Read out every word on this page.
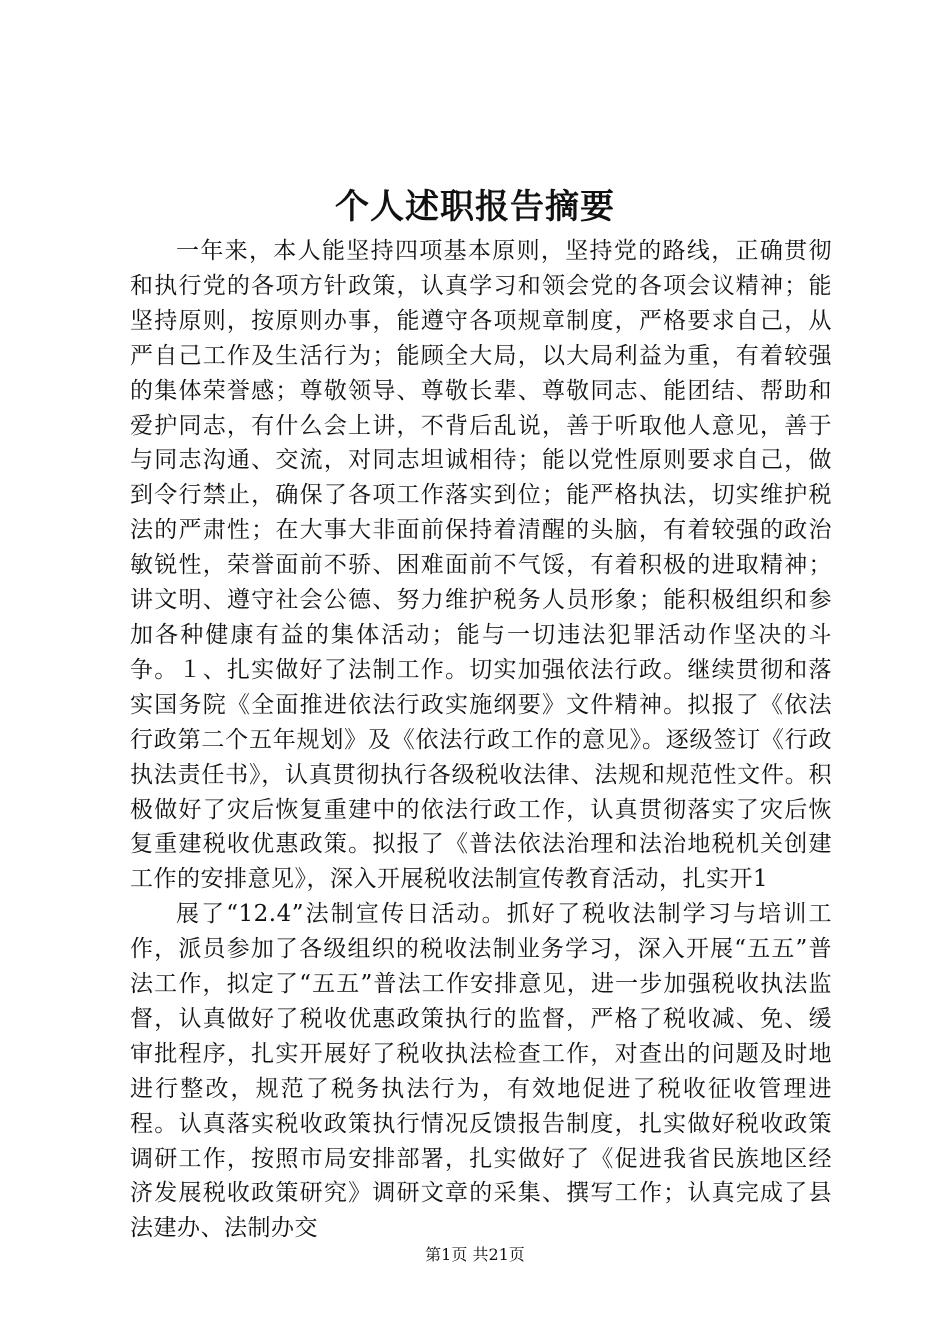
个人述职报告摘要

一年来，本人能坚持四项基本原则，坚持党的路线，正确贯彻和执行党的各项方针政策，认真学习和领会党的各项会议精神；能坚持原则，按原则办事，能遵守各项规章制度，严格要求自己，从严自己工作及生活行为；能顾全大局，以大局利益为重，有着较强的集体荣誉感；尊敬领导、尊敬长辈、尊敬同志、能团结、帮助和爱护同志，有什么会上讲，不背后乱说，善于听取他人意见，善于与同志沟通、交流，对同志坦诚相待；能以党性原则要求自己，做到令行禁止，确保了各项工作落实到位；能严格执法，切实维护税法的严肃性；在大事大非面前保持着清醒的头脑，有着较强的政治敏锐性，荣誉面前不骄、困难面前不气馁，有着积极的进取精神；讲文明、遵守社会公德、努力维护税务人员形象；能积极组织和参加各种健康有益的集体活动；能与一切违法犯罪活动作坚决的斗争。１、扎实做好了法制工作。切实加强依法行政。继续贯彻和落实国务院《全面推进依法行政实施纲要》文件精神。拟报了《依法行政第二个五年规划》及《依法行政工作的意见》。逐级签订《行政执法责任书》，认真贯彻执行各级税收法律、法规和规范性文件。积极做好了灾后恢复重建中的依法行政工作，认真贯彻落实了灾后恢复重建税收优惠政策。拟报了《普法依法治理和法治地税机关创建工作的安排意见》，深入开展税收法制宣传教育活动，扎实开1

展了“12.4”法制宣传日活动。抓好了税收法制学习与培训工作，派员参加了各级组织的税收法制业务学习，深入开展“五五”普法工作，拟定了“五五”普法工作安排意见，进一步加强税收执法监督，认真做好了税收优惠政策执行的监督，严格了税收减、免、缓审批程序，扎实开展好了税收执法检查工作，对查出的问题及时地进行整改，规范了税务执法行为，有效地促进了税收征收管理进程。认真落实税收政策执行情况反馈报告制度，扎实做好税收政策调研工作，按照市局安排部署，扎实做好了《促进我省民族地区经济发展税收政策研究》调研文章的采集、撰写工作；认真完成了县法建办、法制办交

第1页 共21页
